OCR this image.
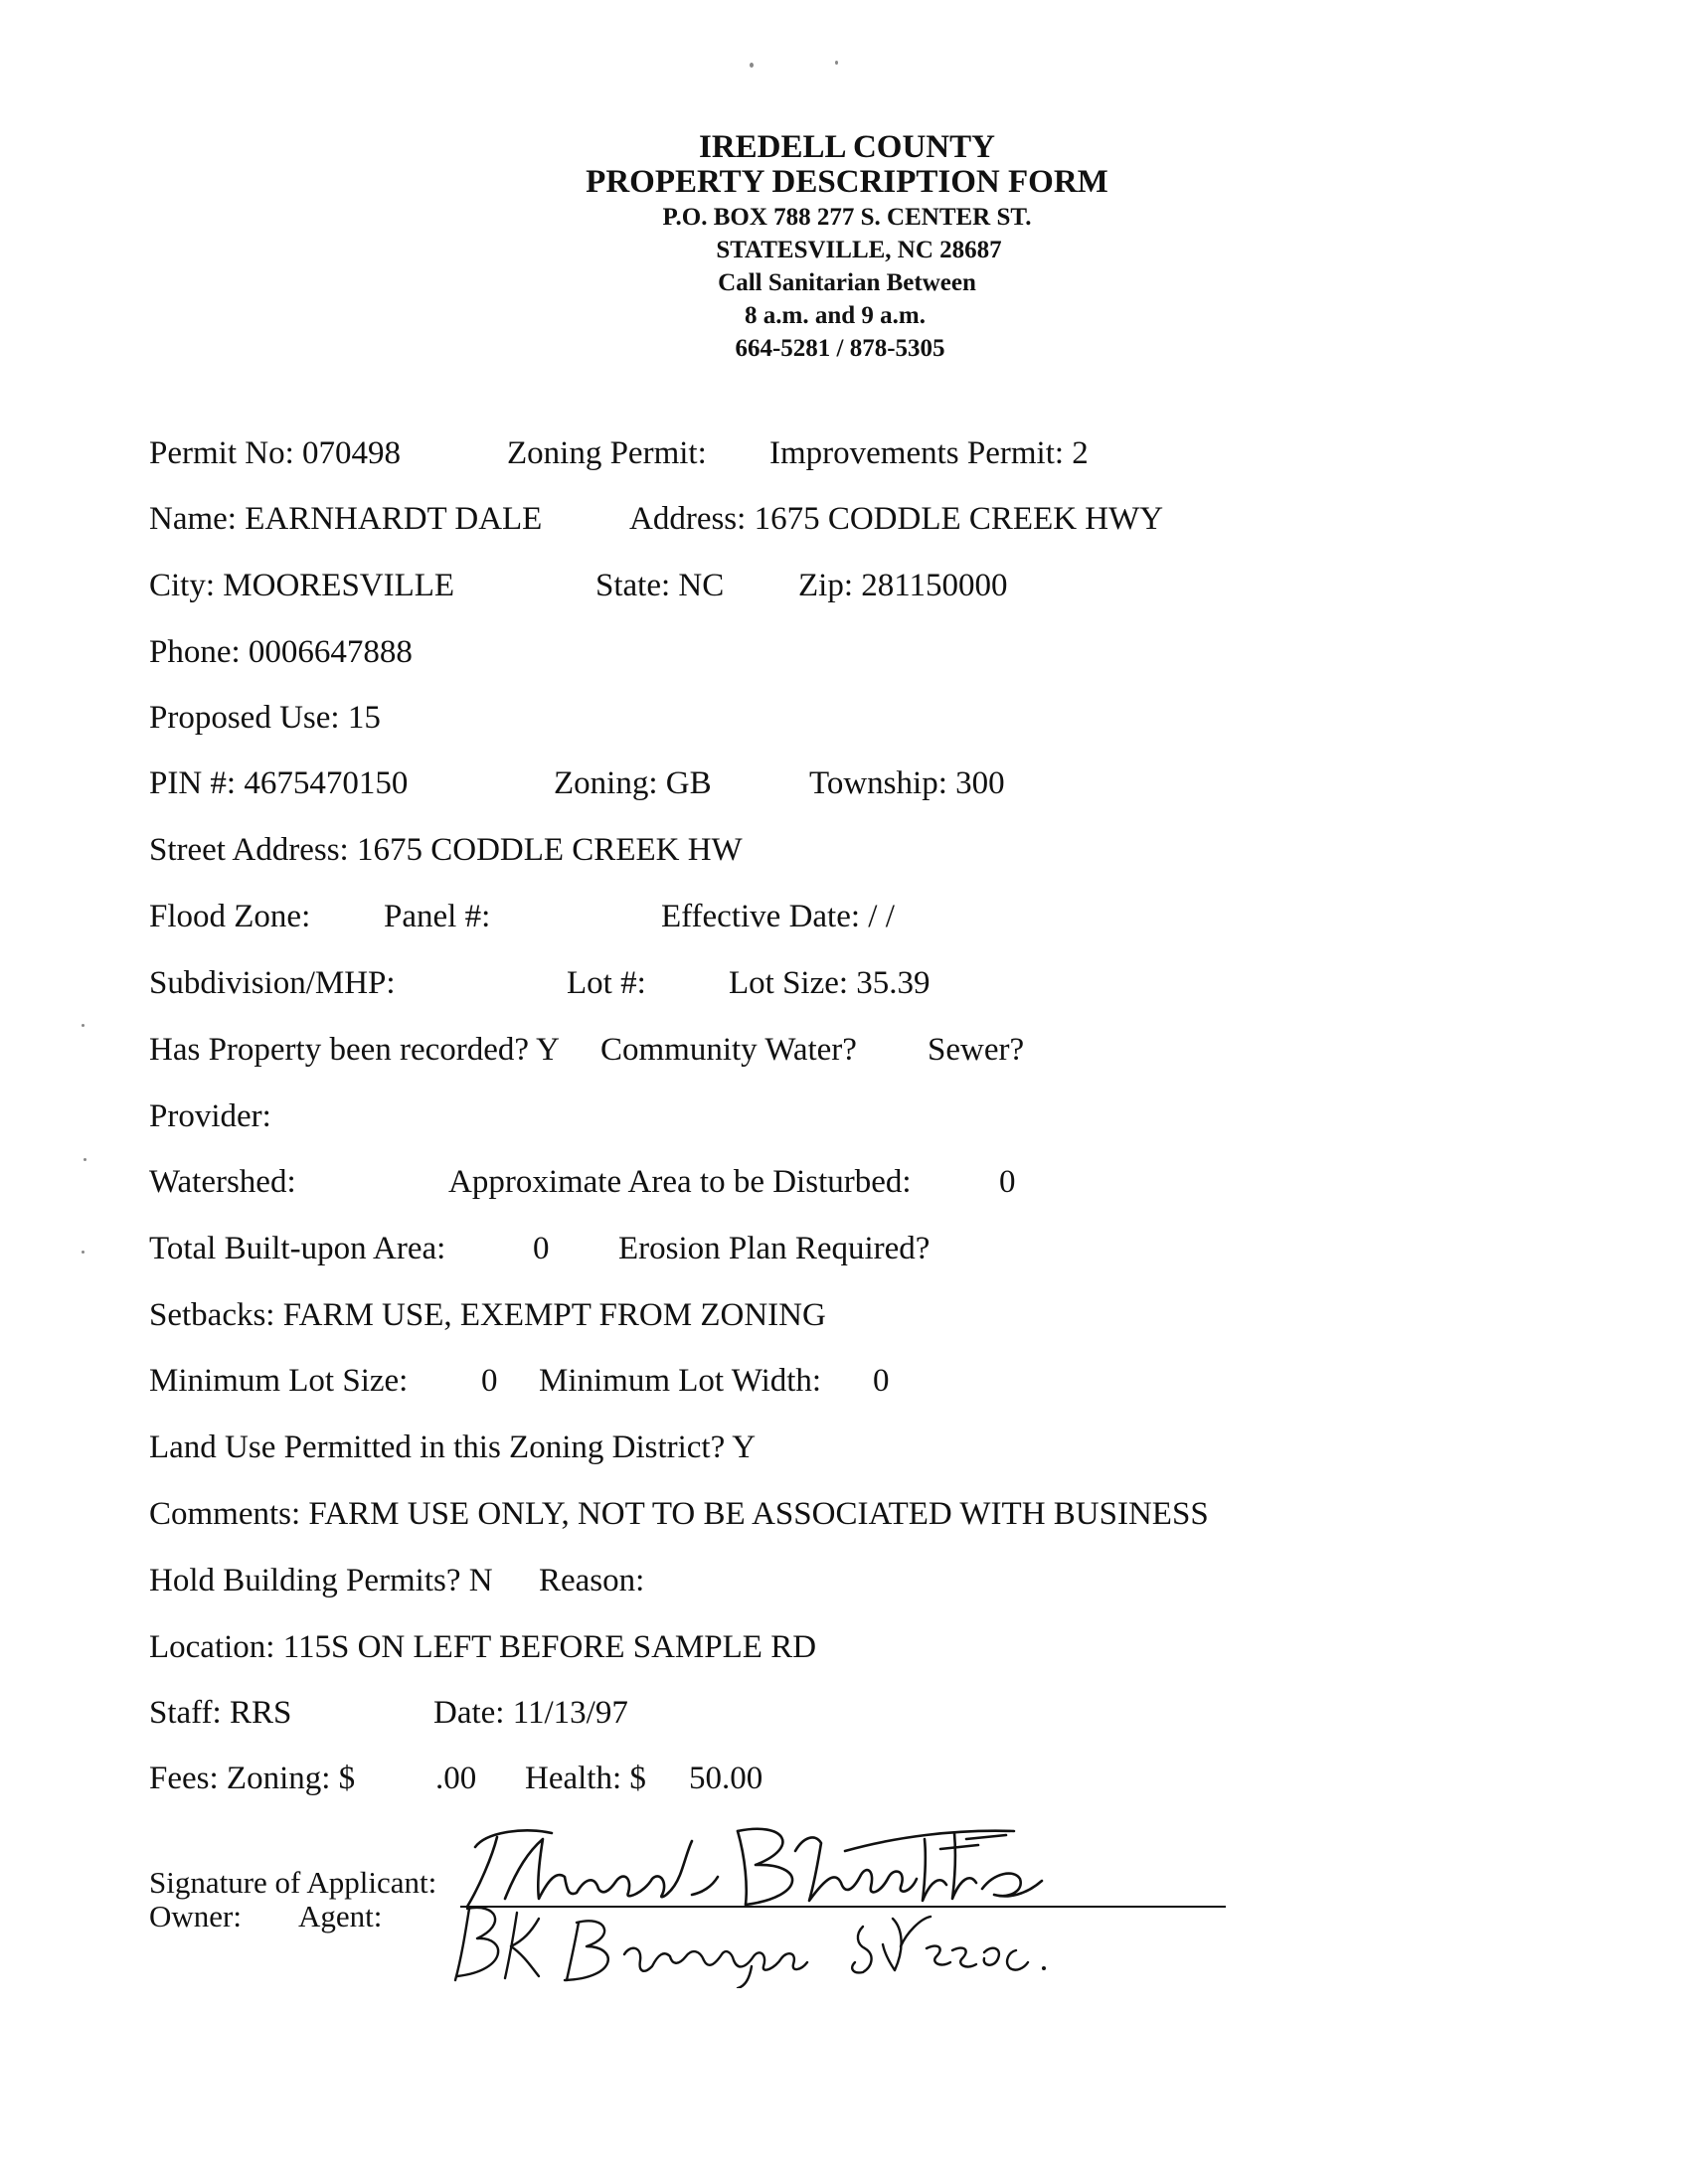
IREDELL COUNTY
PROPERTY DESCRIPTION FORM
P.O. BOX 788 277 S. CENTER ST.
STATESVILLE, NC 28687
Call Sanitarian Between
8 a.m. and 9 a.m.
664-5281 / 878-5305
Permit No: 070498	Zoning Permit: Improvements Permit: 2
Name: EARNHARDT DALE	Address: 1675 CODDLE CREEK HWY
City: MOORESVILLE	State: NC Zip: 281150000
Phone: 0006647888
Proposed Use: 15
PIN #: 4675470150	Zoning: GB	Township: 300
Street Address: 1675 CODDLE CREEK HW
Flood Zone: Panel #:	Effective Date: / /
Subdivision/MHP:	Lot #:	Lot Size: 35.39
Has Property been recorded? Y Community Water? Sewer?
Provider:
Watershed:	Approximate Area to be Disturbed:	0
Total Built-upon Area:	0 Erosion Plan Required?
Setbacks: FARM USE, EXEMPT FROM ZONING
Minimum Lot Size: 0 Minimum Lot Width: 0
Land Use Permitted in this Zoning District? Y
Comments: FARM USE ONLY, NOT TO BE ASSOCIATED WITH BUSINESS
Hold Building Permits? N Reason:
Location: 115S ON LEFT BEFORE SAMPLE RD
Staff: RRS	Date: 11/13/97
Fees: Zoning: $ .00 Health: $ 50.00
Signature of Applicant:
Owner: Agent:
